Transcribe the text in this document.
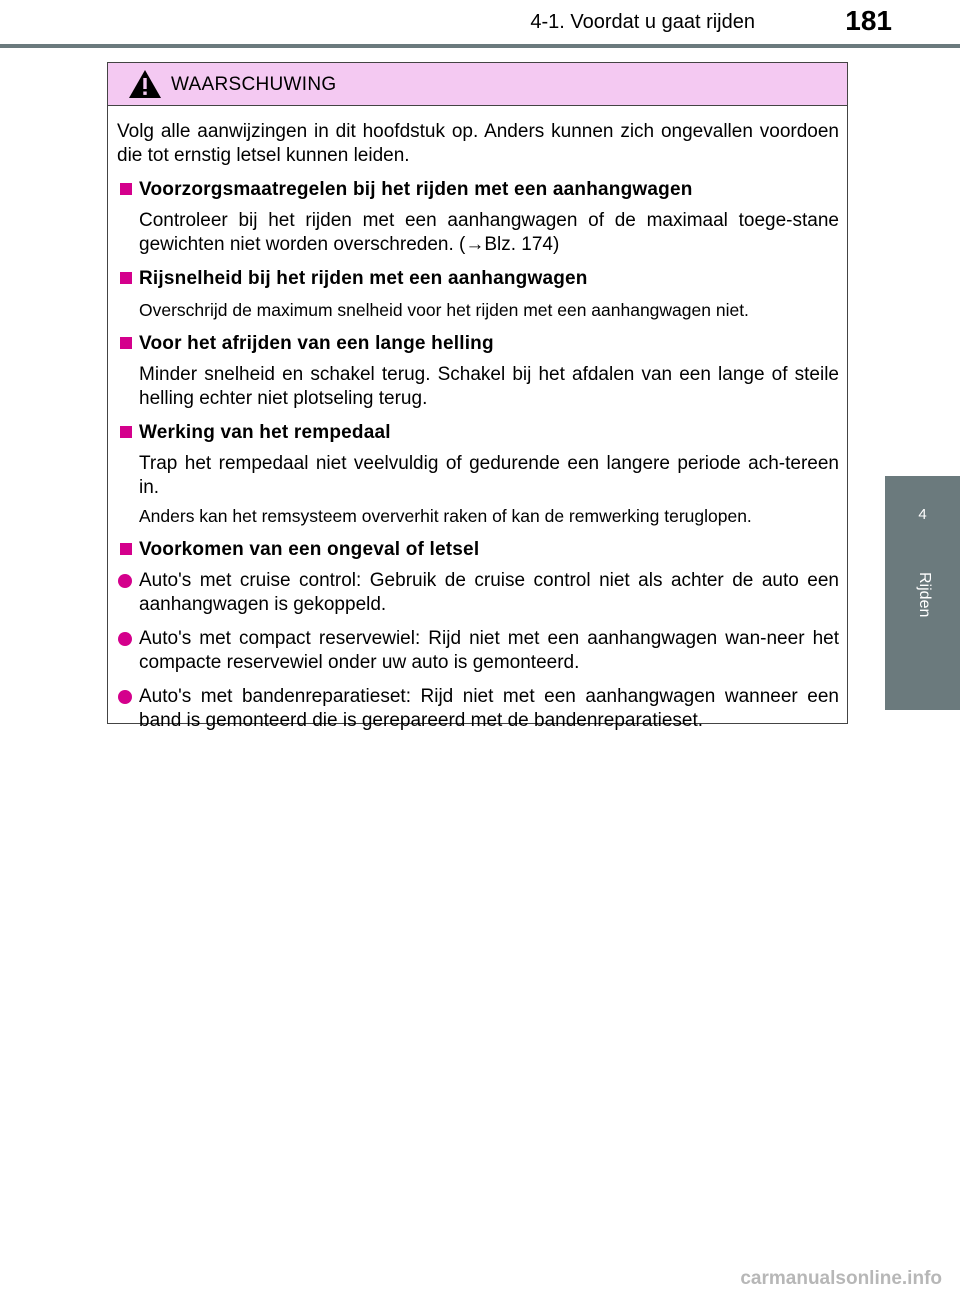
4-1. Voordat u gaat rijden	181
4
Rijden
WAARSCHUWING

Volg alle aanwijzingen in dit hoofdstuk op. Anders kunnen zich ongevallen voordoen die tot ernstig letsel kunnen leiden.

Voorzorgsmaatregelen bij het rijden met een aanhangwagen

Controleer bij het rijden met een aanhangwagen of de maximaal toege-stane gewichten niet worden overschreden. (→Blz. 174)

Rijsnelheid bij het rijden met een aanhangwagen

Overschrijd de maximum snelheid voor het rijden met een aanhangwagen niet.

Voor het afrijden van een lange helling

Minder snelheid en schakel terug. Schakel bij het afdalen van een lange of steile helling echter niet plotseling terug.

Werking van het rempedaal

Trap het rempedaal niet veelvuldig of gedurende een langere periode ach-tereen in.

Anders kan het remsysteem oververhit raken of kan de remwerking teruglopen.

Voorkomen van een ongeval of letsel
Auto's met cruise control: Gebruik de cruise control niet als achter de auto een aanhangwagen is gekoppeld.
Auto's met compact reservewiel: Rijd niet met een aanhangwagen wan-neer het compacte reservewiel onder uw auto is gemonteerd.
Auto's met bandenreparatieset: Rijd niet met een aanhangwagen wanneer een band is gemonteerd die is gerepareerd met de bandenreparatieset.
carmanualsonline.info
